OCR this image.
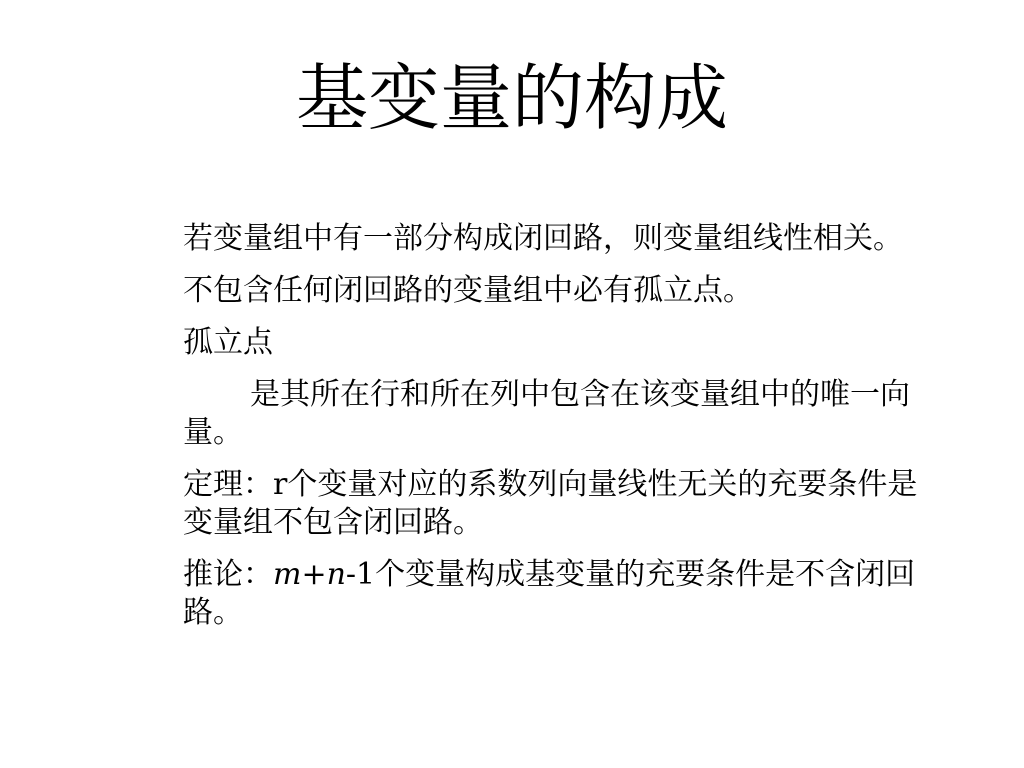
基变量的构成

若变量组中有一部分构成闭回路，则变量组线性相关。

不包含任何闭回路的变量组中必有孤立点。

孤立点

是其所在行和所在列中包含在该变量组中的唯一向
量。

定理：r个变量对应的系数列向量线性无关的充要条件是
变量组不包含闭回路。

推论：m+n-1个变量构成基变量的充要条件是不含闭回
路。
